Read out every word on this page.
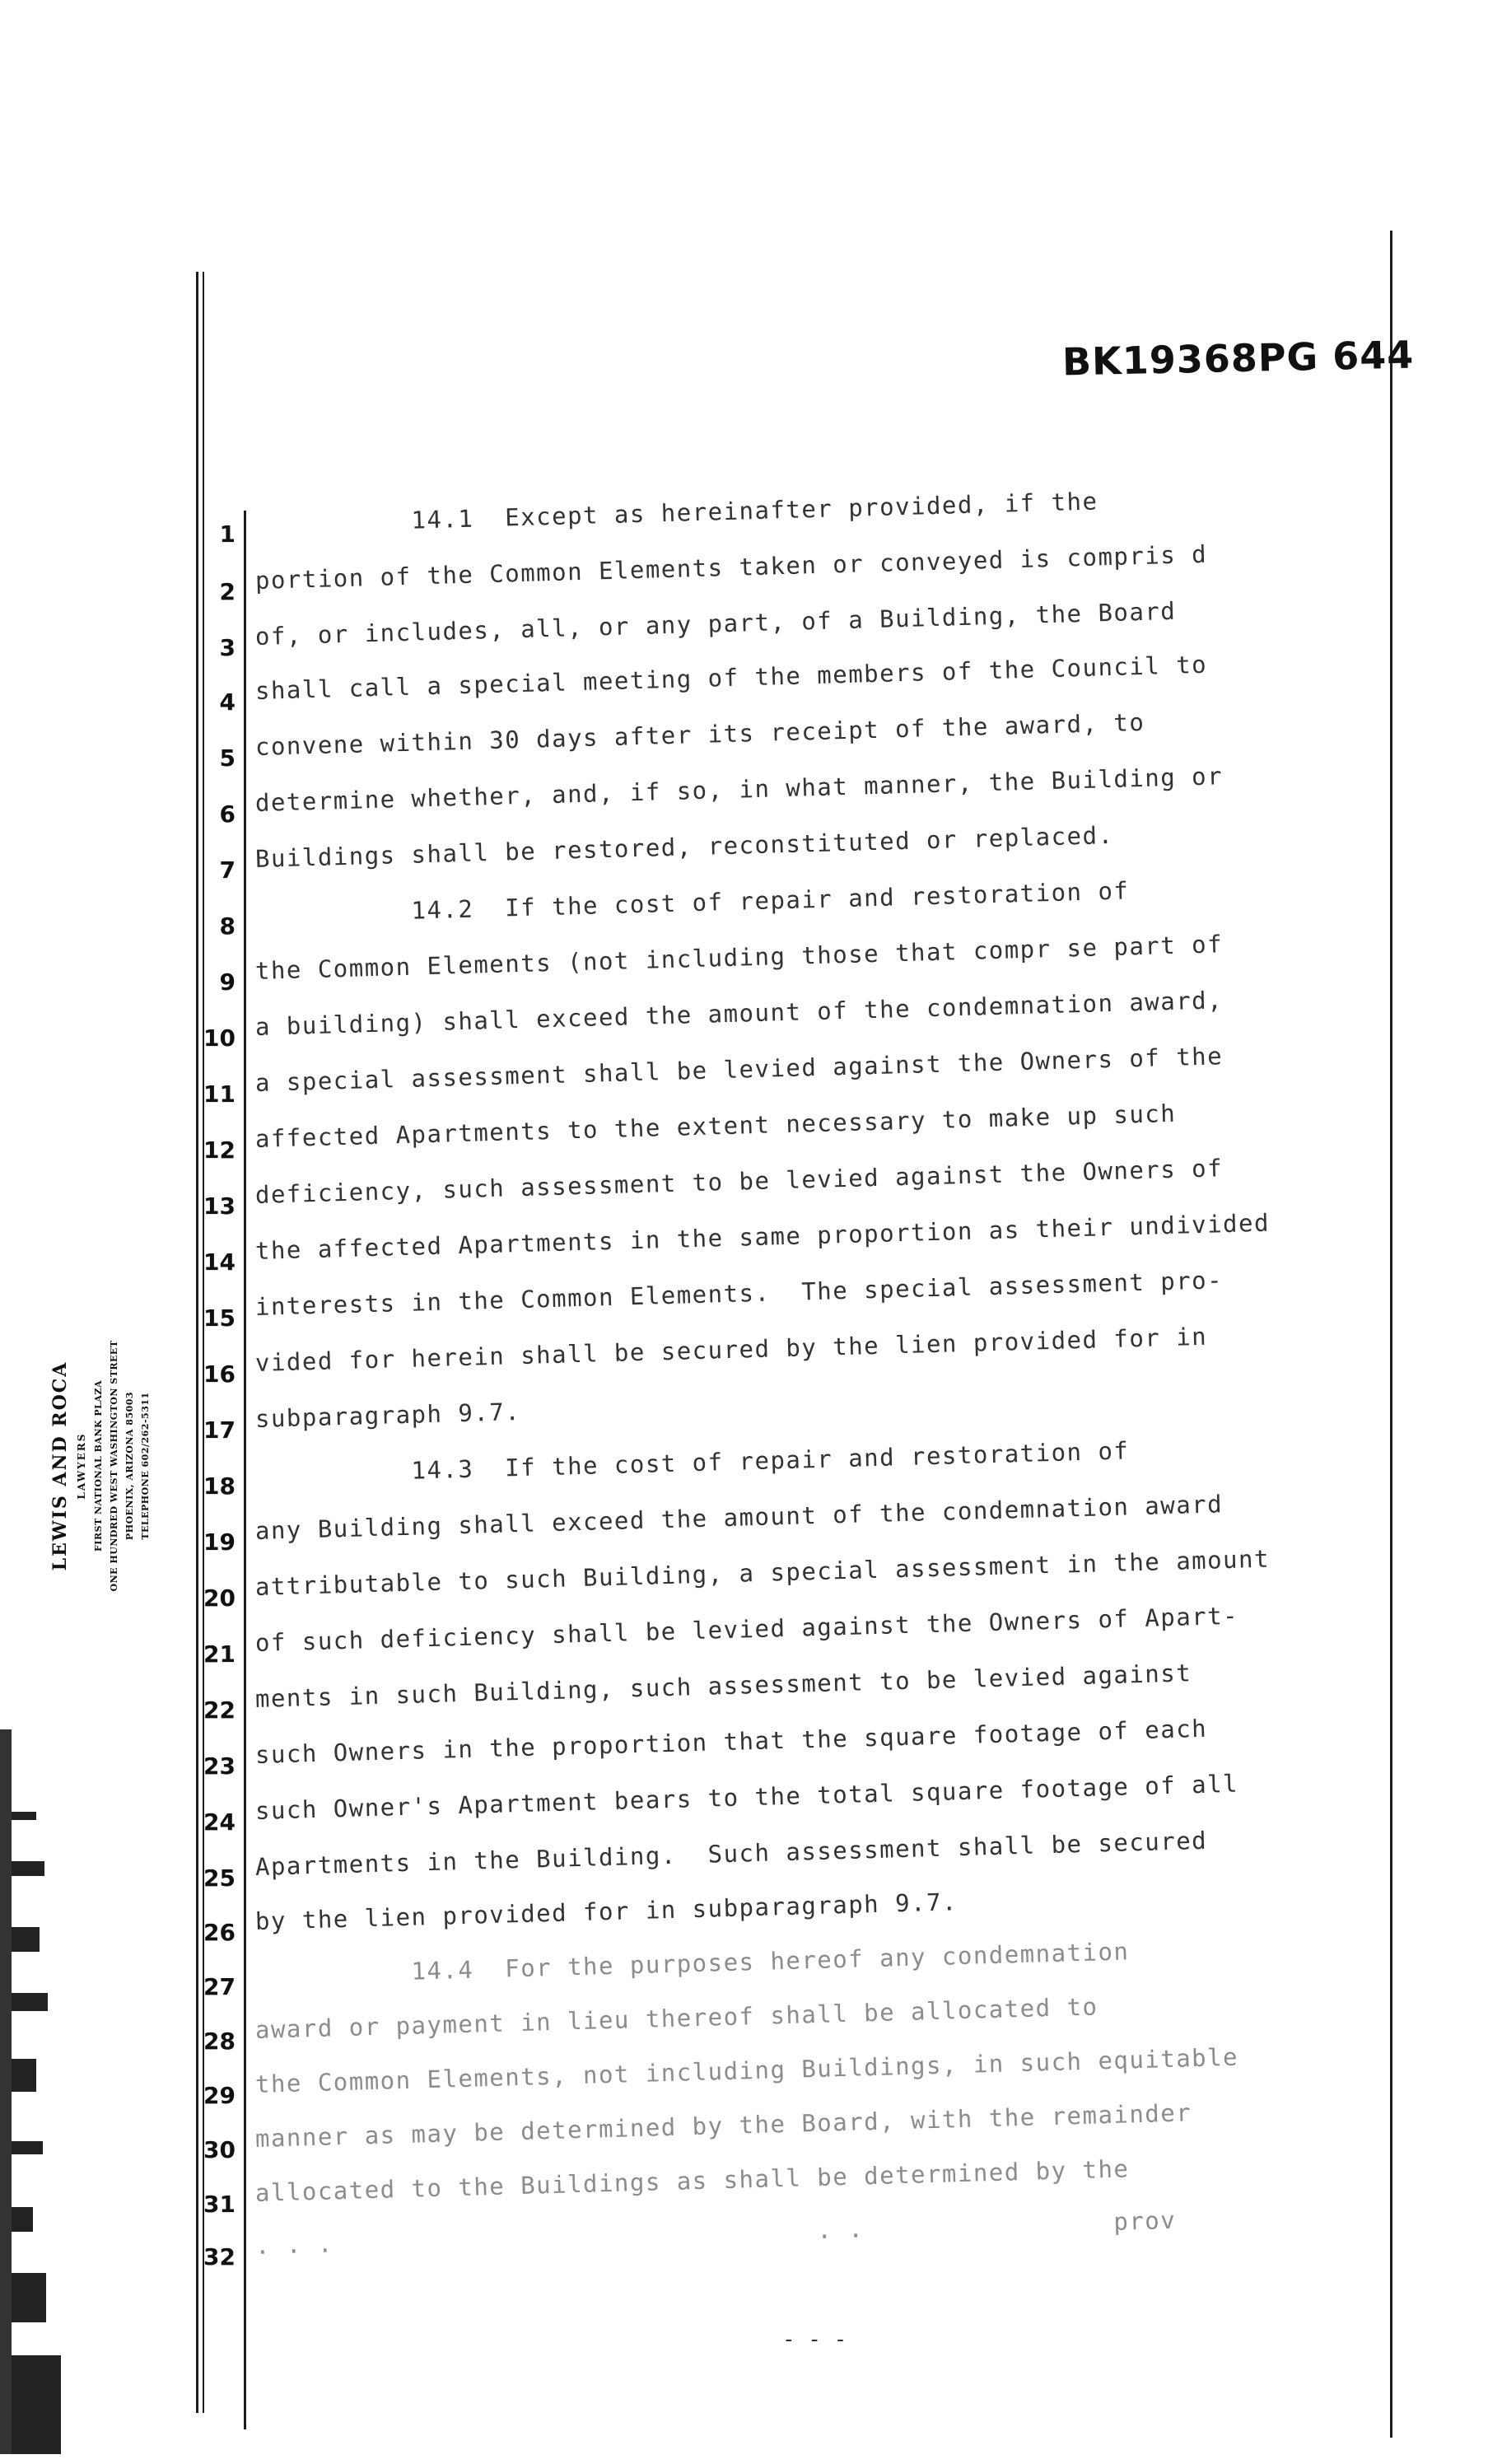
BK19368PG 644
LEWIS AND ROCA LAWYERS FIRST NATIONAL BANK PLAZA ONE HUNDRED WEST WASHINGTON STREET PHOENIX, ARIZONA 85003 TELEPHONE 602/262-5311
1
2
3
4
5
6
7
8
9
10
11
12
13
14
15
16
17
18
19
20
21
22
23
24
25
26
27
28
29
30
31
32
14.1  Except as hereinafter provided, if the
portion of the Common Elements taken or conveyed is compris d
of, or includes, all, or any part, of a Building, the Board
shall call a special meeting of the members of the Council to
convene within 30 days after its receipt of the award, to
determine whether, and, if so, in what manner, the Building or
Buildings shall be restored, reconstituted or replaced.
14.2  If the cost of repair and restoration of
the Common Elements (not including those that compr se part of
a building) shall exceed the amount of the condemnation award,
a special assessment shall be levied against the Owners of the
affected Apartments to the extent necessary to make up such
deficiency, such assessment to be levied against the Owners of
the affected Apartments in the same proportion as their undivided
interests in the Common Elements.  The special assessment pro-
vided for herein shall be secured by the lien provided for in
subparagraph 9.7.
14.3  If the cost of repair and restoration of
any Building shall exceed the amount of the condemnation award
attributable to such Building, a special assessment in the amount
of such deficiency shall be levied against the Owners of Apart-
ments in such Building, such assessment to be levied against
such Owners in the proportion that the square footage of each
such Owner's Apartment bears to the total square footage of all
Apartments in the Building.  Such assessment shall be secured
by the lien provided for in subparagraph 9.7.
14.4  For the purposes hereof any condemnation
award or payment in lieu thereof shall be allocated to
the Common Elements, not including Buildings, in such equitable
manner as may be determined by the Board, with the remainder
allocated to the Buildings as shall be determined by the
. . .                               . .                prov
- - -
